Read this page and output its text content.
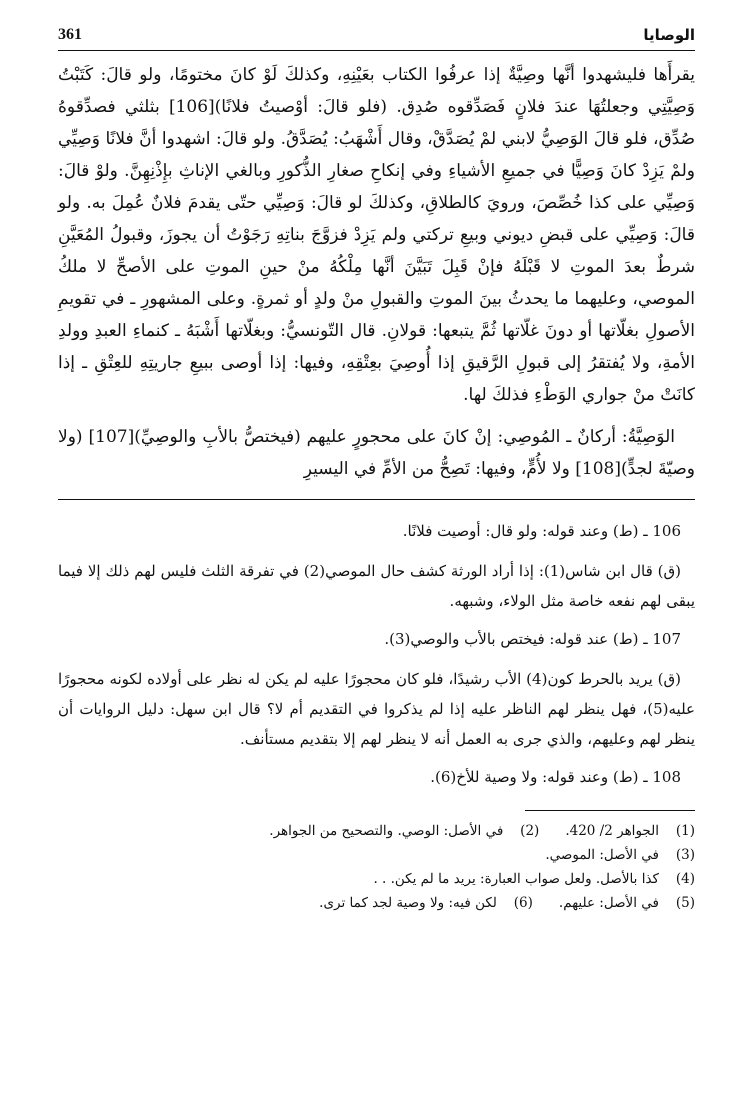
الوصايا
361

يقرأَها فليشهدوا أنَّها وصِيَّةٌ إذا عرفُوا الكتاب بعَيْنِهِ، وكذلكَ لَوْ كانَ مختومًا، ولو قالَ: كَتَبْتُ وَصِيَّتِي وجعلتُهَا عندَ فلانٍ فَصَدِّقوه صُدِق. (فلو قالَ: أوْصيتُ فلانًا)[106] بثلثي فصدِّقوهُ صُدِّق، فلو قالَ الوَصِيُّ لابني لمْ يُصَدَّقْ، وقال أَشْهَبُ: يُصَدَّقُ. ولو قالَ: اشهدوا أنَّ فلانًا وَصِيِّي ولمْ يَزِدْ كانَ وَصِيًّا في جميعِ الأشياءِ وفي إنكاحِ صغارِ الذُّكورِ وبالغي الإناثِ بإِذْنِهِنَّ. ولوْ قالَ: وَصِيِّي على كذا خُصِّصَ، ورويَ كالطلاقِ، وكذلكَ لو قالَ: وَصِيِّي حتّى يقدمَ فلانٌ عُمِلَ به. ولو قالَ: وَصِيِّي على قبضِ ديوني وبيعِ تركتي ولم يَزِدْ فزوَّجَ بناتِهِ رَجَوْتُ أن يجوزَ، وقبولُ المُعَيَّنِ شرطٌ بعدَ الموتِ لا قَبْلَهُ فإنْ قَبِلَ تَبَيَّنَ أنَّها مِلْكُهُ منْ حينِ الموتِ على الأصحِّ لا ملكُ الموصي، وعليهما ما يحدثُ بينَ الموتِ والقبولِ منْ ولدٍ أو ثمرةٍ. وعلى المشهورِ ـ في تقويمِ الأصولِ بغلّاتها أو دونَ غلّاتها ثُمَّ يتبعها: قولانِ. قال التّونسيُّ: وبغلّاتها أَشْبَهُ ـ كنماءِ العبدِ وولدِ الأمةِ، ولا يُفتقرُ إلى قبولِ الرَّقيقِ إذا أُوصِيَ بعِتْقِهِ، وفيها: إذا أوصى ببيعِ جاريتِهِ للعِتْقِ ـ إذا كانَتْ منْ جواري الوَطْءِ فذلكَ لها.

الوَصِيَّةُ: أركانٌ ـ المُوصِي: إنْ كانَ على محجورٍ عليهم (فيختصُّ بالأبِ والوصِيِّ)[107] (ولا وصيّةَ لجدٍّ)[108] ولا لأُمٍّ، وفيها: تَصِحُّ من الأمِّ في اليسيرِ

106 ـ (ط) وعند قوله: ولو قال: أوصيت فلانًا.

(ق) قال ابن شاس(1): إذا أراد الورثة كشف حال الموصي(2) في تفرقة الثلث فليس لهم ذلك إلا فيما يبقى لهم نفعه خاصة مثل الولاء، وشبهه.

107 ـ (ط) عند قوله: فيختص بالأب والوصي(3).

(ق) يريد بالحرط كون(4) الأب رشيدًا، فلو كان محجورًا عليه لم يكن له نظر على أولاده لكونه محجورًا عليه(5)، فهل ينظر لهم الناظر عليه إذا لم يذكروا في التقديم أم لا؟ قال ابن سهل: دليل الروايات أن ينظر لهم وعليهم، والذي جرى به العمل أنه لا ينظر لهم إلا بتقديم مستأنف.

108 ـ (ط) وعند قوله: ولا وصية للأخ(6).

(1)
الجواهر 2/ 420.
(2)
في الأصل: الوصي. والتصحيح من الجواهر.
(3)
في الأصل: الموصي.
(4)
كذا بالأصل. ولعل صواب العبارة: يريد ما لم يكن. . .
(5)
في الأصل: عليهم.
(6)
لكن فيه: ولا وصية لجد كما ترى.
